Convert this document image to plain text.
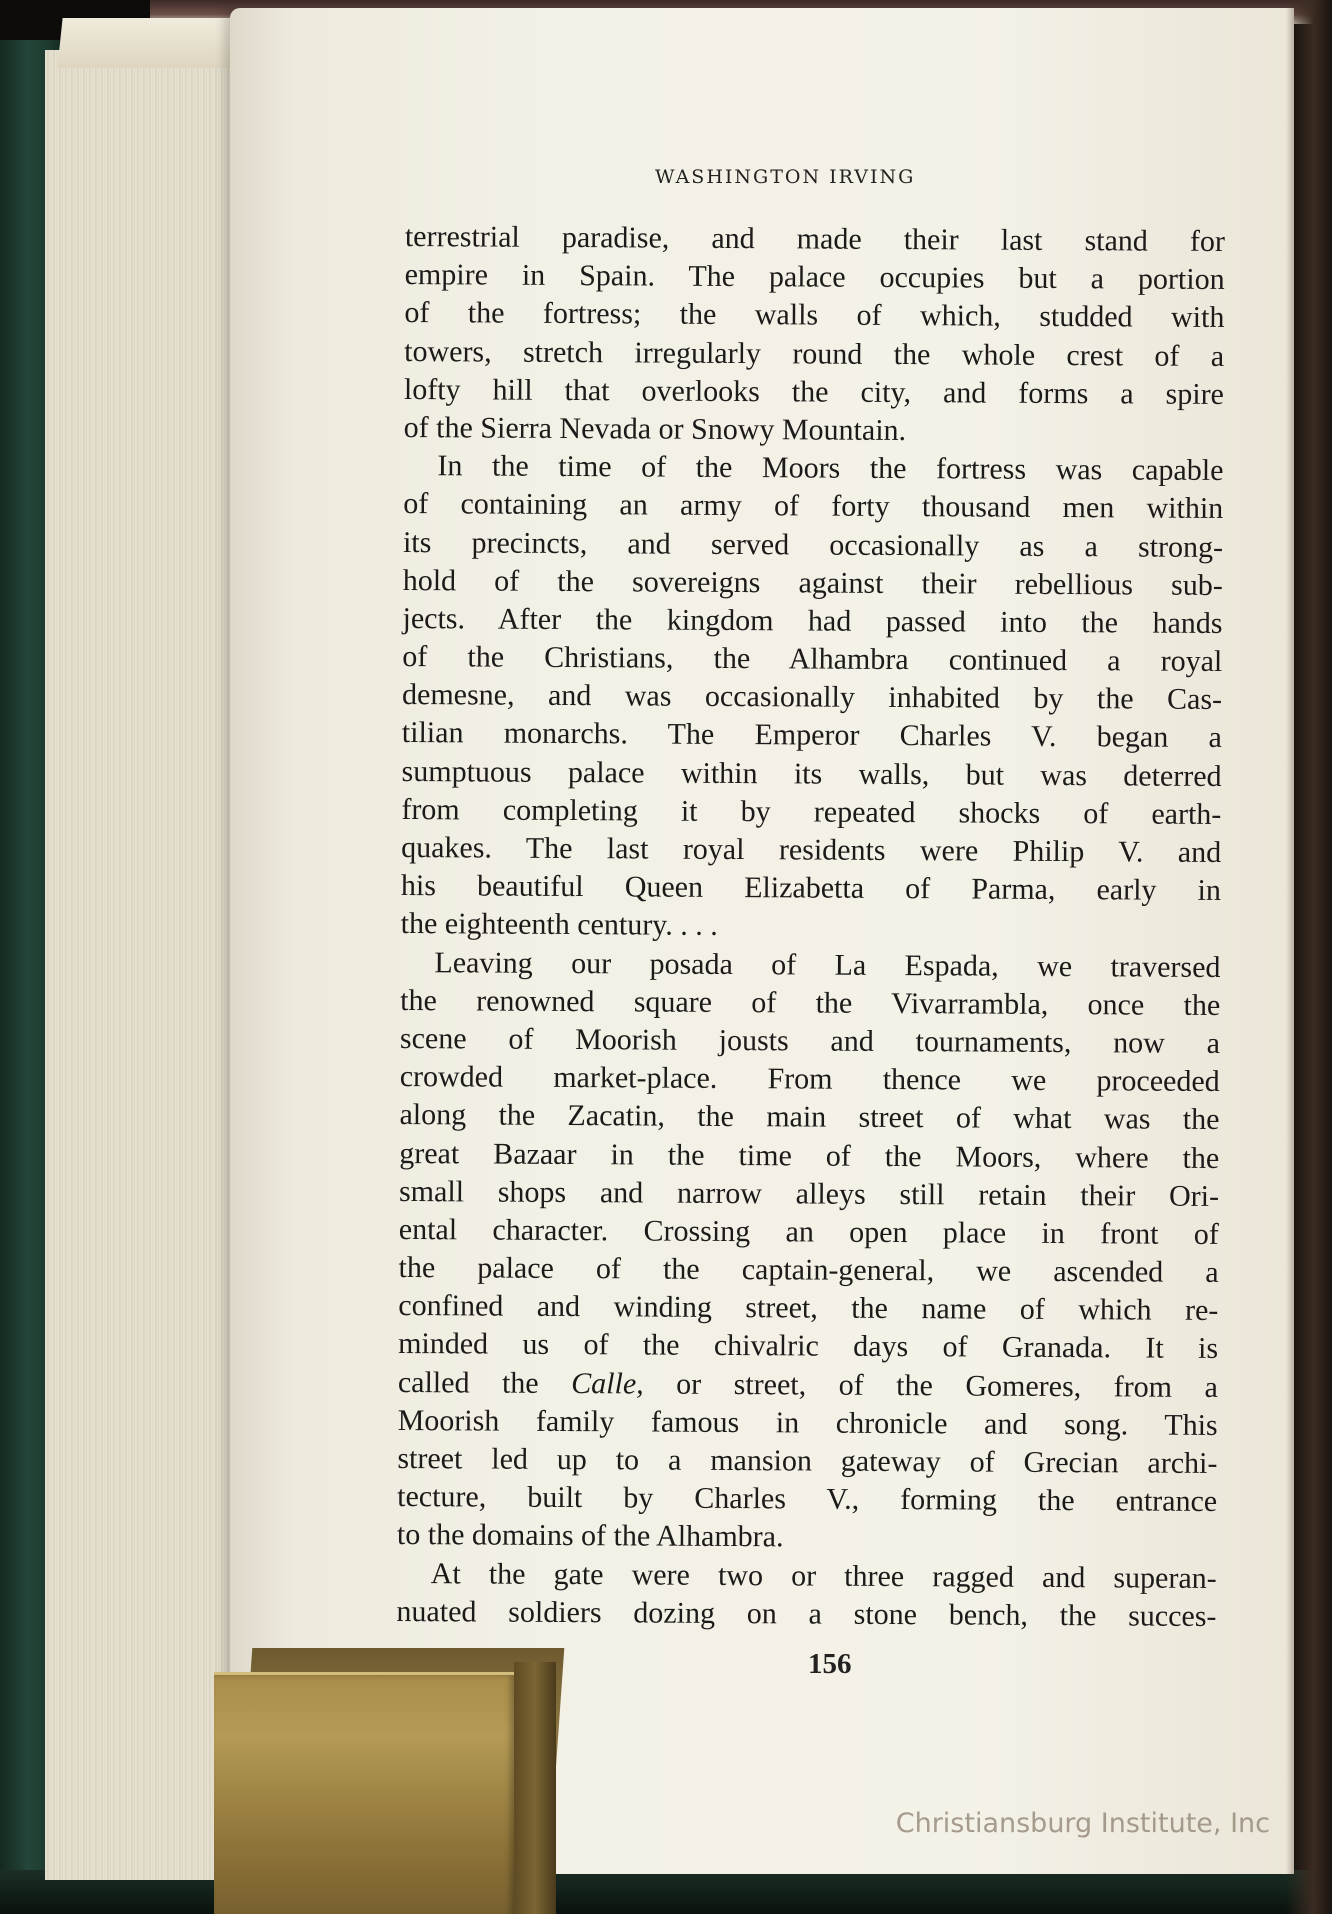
WASHINGTON IRVING
terrestrial paradise, and made their last stand for
empire in Spain. The palace occupies but a portion
of the fortress; the walls of which, studded with
towers, stretch irregularly round the whole crest of a
lofty hill that overlooks the city, and forms a spire
of the Sierra Nevada or Snowy Mountain.
In the time of the Moors the fortress was capable
of containing an army of forty thousand men within
its precincts, and served occasionally as a strong-
hold of the sovereigns against their rebellious sub-
jects. After the kingdom had passed into the hands
of the Christians, the Alhambra continued a royal
demesne, and was occasionally inhabited by the Cas-
tilian monarchs. The Emperor Charles V. began a
sumptuous palace within its walls, but was deterred
from completing it by repeated shocks of earth-
quakes. The last royal residents were Philip V. and
his beautiful Queen Elizabetta of Parma, early in
the eighteenth century. . . .
Leaving our posada of La Espada, we traversed
the renowned square of the Vivarrambla, once the
scene of Moorish jousts and tournaments, now a
crowded market-place. From thence we proceeded
along the Zacatin, the main street of what was the
great Bazaar in the time of the Moors, where the
small shops and narrow alleys still retain their Ori-
ental character. Crossing an open place in front of
the palace of the captain-general, we ascended a
confined and winding street, the name of which re-
minded us of the chivalric days of Granada. It is
called the Calle, or street, of the Gomeres, from a
Moorish family famous in chronicle and song. This
street led up to a mansion gateway of Grecian archi-
tecture, built by Charles V., forming the entrance
to the domains of the Alhambra.
At the gate were two or three ragged and superan-
nuated soldiers dozing on a stone bench, the succes-
156
Christiansburg Institute, Inc
